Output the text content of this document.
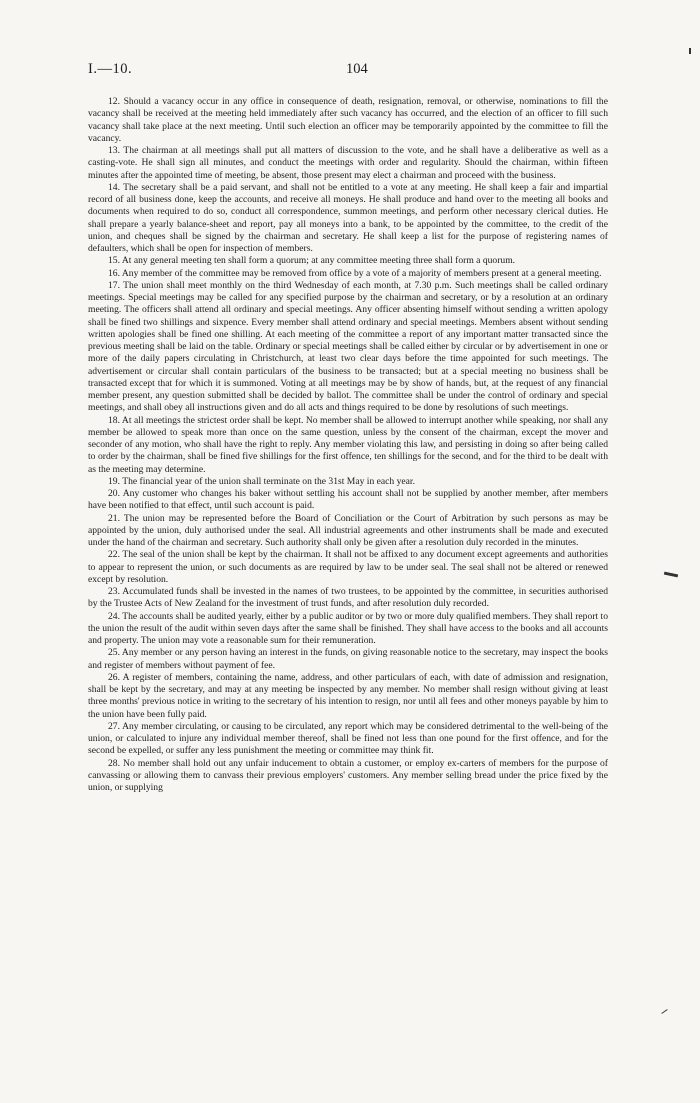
I.—10.	104

12. Should a vacancy occur in any office in consequence of death, resignation, removal, or otherwise, nominations to fill the vacancy shall be received at the meeting held immediately after such vacancy has occurred, and the election of an officer to fill such vacancy shall take place at the next meeting. Until such election an officer may be temporarily appointed by the committee to fill the vacancy.

13. The chairman at all meetings shall put all matters of discussion to the vote, and he shall have a deliberative as well as a casting-vote. He shall sign all minutes, and conduct the meetings with order and regularity. Should the chairman, within fifteen minutes after the appointed time of meeting, be absent, those present may elect a chairman and proceed with the business.

14. The secretary shall be a paid servant, and shall not be entitled to a vote at any meeting. He shall keep a fair and impartial record of all business done, keep the accounts, and receive all moneys. He shall produce and hand over to the meeting all books and documents when required to do so, conduct all correspondence, summon meetings, and perform other necessary clerical duties. He shall prepare a yearly balance-sheet and report, pay all moneys into a bank, to be appointed by the committee, to the credit of the union, and cheques shall be signed by the chairman and secretary. He shall keep a list for the purpose of registering names of defaulters, which shall be open for inspection of members.

15. At any general meeting ten shall form a quorum; at any committee meeting three shall form a quorum.

16. Any member of the committee may be removed from office by a vote of a majority of members present at a general meeting.

17. The union shall meet monthly on the third Wednesday of each month, at 7.30 p.m. Such meetings shall be called ordinary meetings. Special meetings may be called for any specified purpose by the chairman and secretary, or by a resolution at an ordinary meeting. The officers shall attend all ordinary and special meetings. Any officer absenting himself without sending a written apology shall be fined two shillings and sixpence. Every member shall attend ordinary and special meetings. Members absent without sending written apologies shall be fined one shilling. At each meeting of the committee a report of any important matter transacted since the previous meeting shall be laid on the table. Ordinary or special meetings shall be called either by circular or by advertisement in one or more of the daily papers circulating in Christchurch, at least two clear days before the time appointed for such meetings. The advertisement or circular shall contain particulars of the business to be transacted; but at a special meeting no business shall be transacted except that for which it is summoned. Voting at all meetings may be by show of hands, but, at the request of any financial member present, any question submitted shall be decided by ballot. The committee shall be under the control of ordinary and special meetings, and shall obey all instructions given and do all acts and things required to be done by resolutions of such meetings.

18. At all meetings the strictest order shall be kept. No member shall be allowed to interrupt another while speaking, nor shall any member be allowed to speak more than once on the same question, unless by the consent of the chairman, except the mover and seconder of any motion, who shall have the right to reply. Any member violating this law, and persisting in doing so after being called to order by the chairman, shall be fined five shillings for the first offence, ten shillings for the second, and for the third to be dealt with as the meeting may determine.

19. The financial year of the union shall terminate on the 31st May in each year.

20. Any customer who changes his baker without settling his account shall not be supplied by another member, after members have been notified to that effect, until such account is paid.

21. The union may be represented before the Board of Conciliation or the Court of Arbitration by such persons as may be appointed by the union, duly authorised under the seal. All industrial agreements and other instruments shall be made and executed under the hand of the chairman and secretary. Such authority shall only be given after a resolution duly recorded in the minutes.

22. The seal of the union shall be kept by the chairman. It shall not be affixed to any document except agreements and authorities to appear to represent the union, or such documents as are required by law to be under seal. The seal shall not be altered or renewed except by resolution.

23. Accumulated funds shall be invested in the names of two trustees, to be appointed by the committee, in securities authorised by the Trustee Acts of New Zealand for the investment of trust funds, and after resolution duly recorded.

24. The accounts shall be audited yearly, either by a public auditor or by two or more duly qualified members. They shall report to the union the result of the audit within seven days after the same shall be finished. They shall have access to the books and all accounts and property. The union may vote a reasonable sum for their remuneration.

25. Any member or any person having an interest in the funds, on giving reasonable notice to the secretary, may inspect the books and register of members without payment of fee.

26. A register of members, containing the name, address, and other particulars of each, with date of admission and resignation, shall be kept by the secretary, and may at any meeting be inspected by any member. No member shall resign without giving at least three months' previous notice in writing to the secretary of his intention to resign, nor until all fees and other moneys payable by him to the union have been fully paid.

27. Any member circulating, or causing to be circulated, any report which may be considered detrimental to the well-being of the union, or calculated to injure any individual member thereof, shall be fined not less than one pound for the first offence, and for the second be expelled, or suffer any less punishment the meeting or committee may think fit.

28. No member shall hold out any unfair inducement to obtain a customer, or employ ex-carters of members for the purpose of canvassing or allowing them to canvass their previous employers' customers. Any member selling bread under the price fixed by the union, or supplying
